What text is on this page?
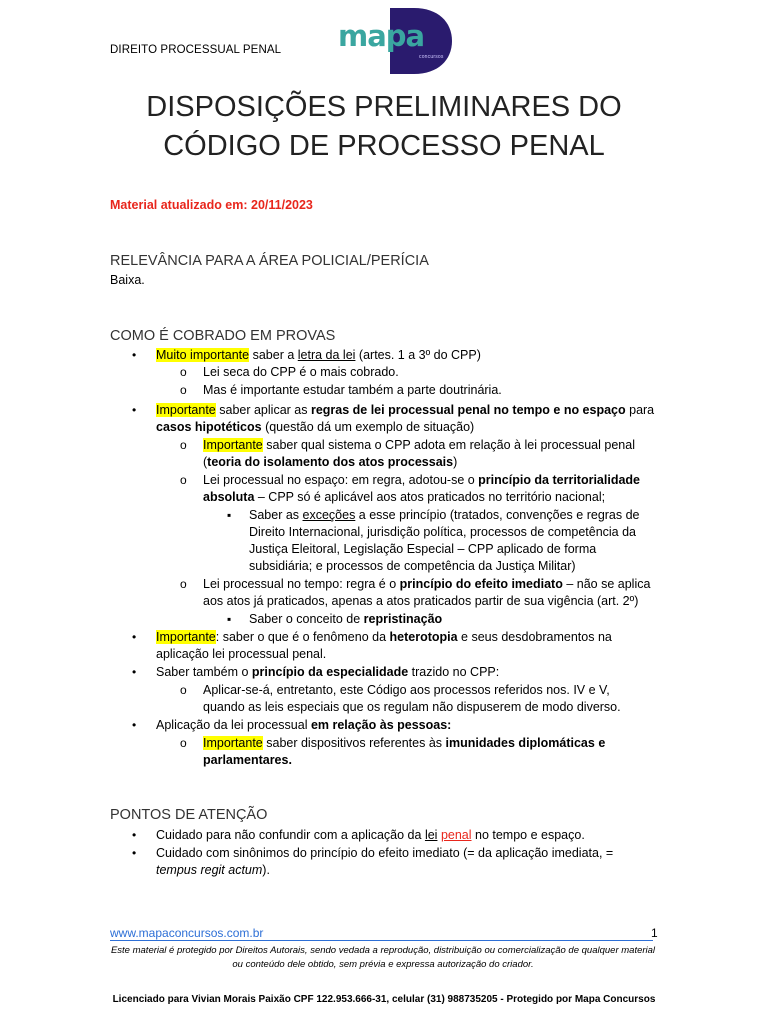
DIREITO PROCESSUAL PENAL mapa
concursos
DISPOSIÇÕES PRELIMINARES DO
CÓDIGO DE PROCESSO PENAL
Material atualizado em: 20/11/2023
RELEVÂNCIA PARA A ÁREA POLICIAL/PERÍCIA
Baixa.
COMO É COBRADO EM PROVAS
• Muito importante saber a letra da lei (artes. 1 a 3º do CPP)
o Lei seca do CPP é o mais cobrado.
o Mas é importante estudar também a parte doutrinária.
• Importante saber aplicar as regras de lei processual penal no tempo e no espaço para
casos hipotéticos (questão dá um exemplo de situação)
o Importante saber qual sistema o CPP adota em relação à lei processual penal
(teoria do isolamento dos atos processais)
o Lei processual no espaço: em regra, adotou-se o princípio da territorialidade
absoluta – CPP só é aplicável aos atos praticados no território nacional;
▪ Saber as exceções a esse princípio (tratados, convenções e regras de
Direito Internacional, jurisdição política, processos de competência da
Justiça Eleitoral, Legislação Especial – CPP aplicado de forma
subsidiária; e processos de competência da Justiça Militar)
o Lei processual no tempo: regra é o princípio do efeito imediato – não se aplica
aos atos já praticados, apenas a atos praticados partir de sua vigência (art. 2º)
▪ Saber o conceito de repristinação
• Importante: saber o que é o fenômeno da heterotopia e seus desdobramentos na
aplicação lei processual penal.
• Saber também o princípio da especialidade trazido no CPP:
o Aplicar-se-á, entretanto, este Código aos processos referidos nos. IV e V,
quando as leis especiais que os regulam não dispuserem de modo diverso.
• Aplicação da lei processual em relação às pessoas:
o Importante saber dispositivos referentes às imunidades diplomáticas e
parlamentares.
PONTOS DE ATENÇÃO
• Cuidado para não confundir com a aplicação da lei penal no tempo e espaço.
• Cuidado com sinônimos do princípio do efeito imediato (= da aplicação imediata, =
tempus regit actum).
www.mapaconcursos.com.br	1
Este material é protegido por Direitos Autorais, sendo vedada a reprodução, distribuição ou comercialização de qualquer material ou conteúdo dele obtido, sem prévia e expressa autorização do criador.
Licenciado para Vivian Morais Paixão CPF 122.953.666-31, celular (31) 988735205 - Protegido por Mapa Concursos
